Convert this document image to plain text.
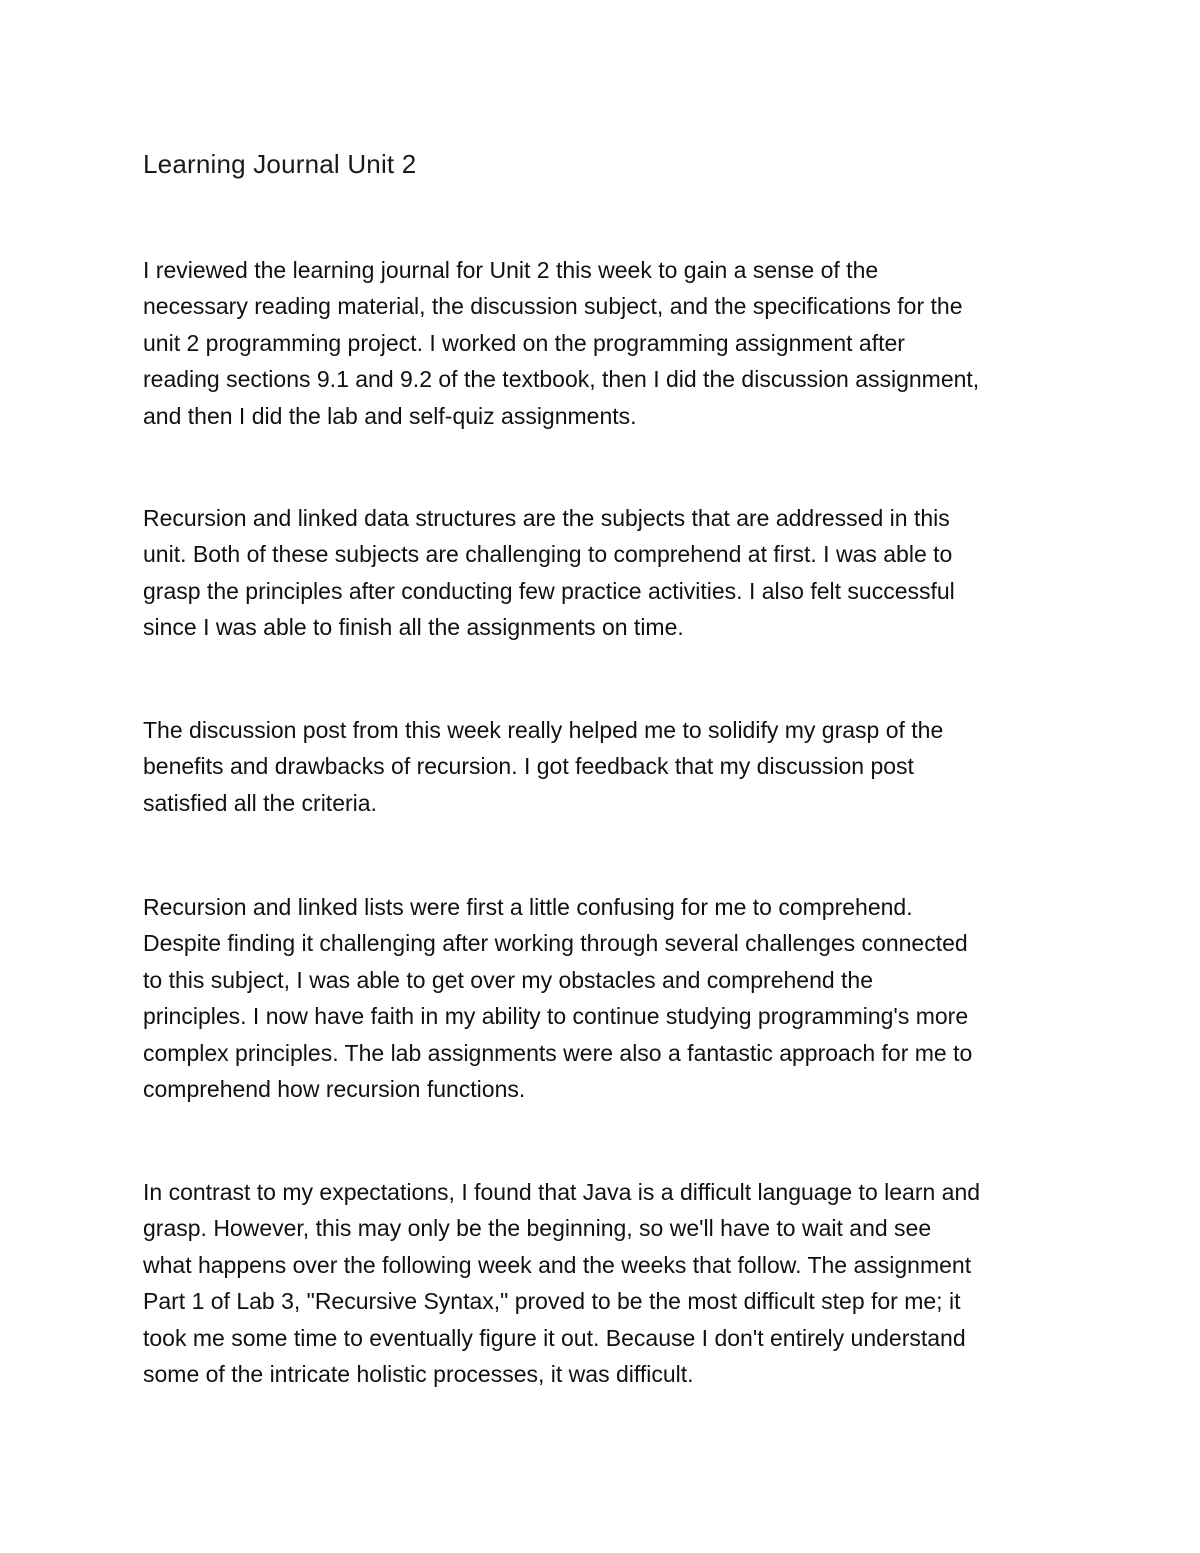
Learning Journal Unit 2

I reviewed the learning journal for Unit 2 this week to gain a sense of the
necessary reading material, the discussion subject, and the specifications for the
unit 2 programming project. I worked on the programming assignment after
reading sections 9.1 and 9.2 of the textbook, then I did the discussion assignment,
and then I did the lab and self-quiz assignments.

Recursion and linked data structures are the subjects that are addressed in this
unit. Both of these subjects are challenging to comprehend at first. I was able to
grasp the principles after conducting few practice activities. I also felt successful
since I was able to finish all the assignments on time.

The discussion post from this week really helped me to solidify my grasp of the
benefits and drawbacks of recursion. I got feedback that my discussion post
satisfied all the criteria.

Recursion and linked lists were first a little confusing for me to comprehend.
Despite finding it challenging after working through several challenges connected
to this subject, I was able to get over my obstacles and comprehend the
principles. I now have faith in my ability to continue studying programming's more
complex principles. The lab assignments were also a fantastic approach for me to
comprehend how recursion functions.

In contrast to my expectations, I found that Java is a difficult language to learn and
grasp. However, this may only be the beginning, so we'll have to wait and see
what happens over the following week and the weeks that follow. The assignment
Part 1 of Lab 3, "Recursive Syntax," proved to be the most difficult step for me; it
took me some time to eventually figure it out. Because I don't entirely understand
some of the intricate holistic processes, it was difficult.
